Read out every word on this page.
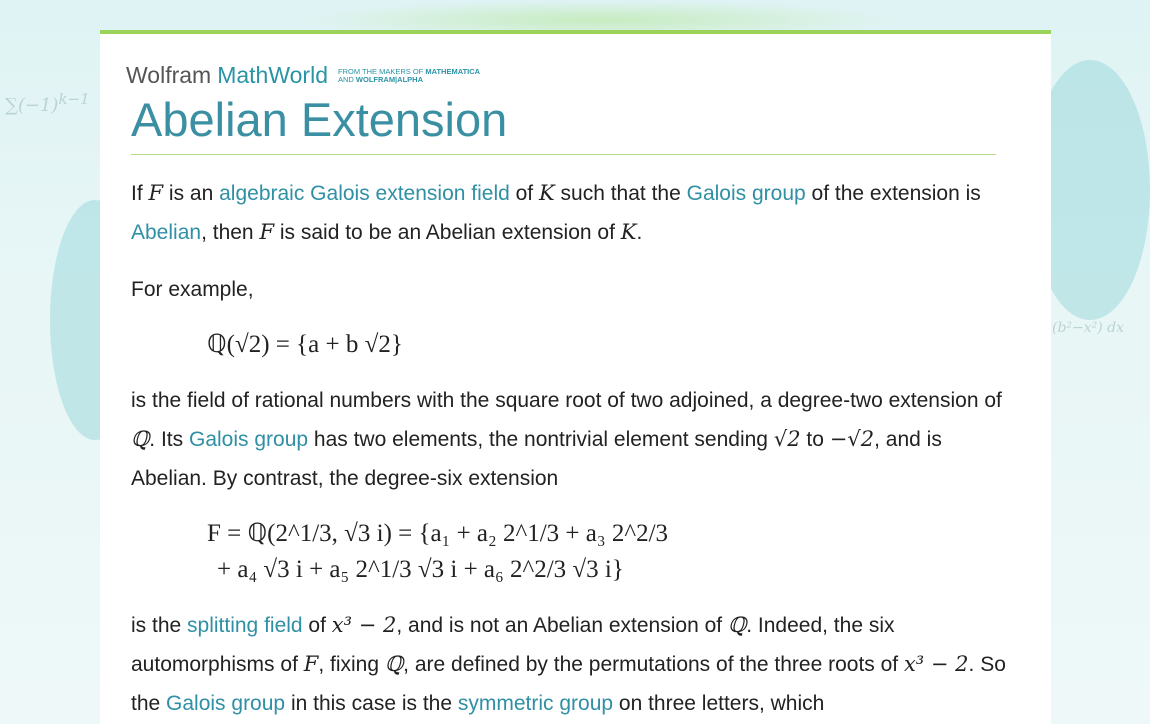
$\sum(-1)^{k-1}$
(b²−x²) dx
Wolfram MathWorld FROM THE MAKERS OF MATHEMATICA
AND WOLFRAM|ALPHA
Abelian Extension

If F is an algebraic Galois extension field of K such that the Galois group of the extension is Abelian, then F is said to be an Abelian extension of K.

For example,

ℚ(√2) = {a + b √2}

is the field of rational numbers with the square root of two adjoined, a degree-two extension of ℚ. Its Galois group has two elements, the nontrivial element sending √2 to −√2, and is Abelian. By contrast, the degree-six extension

F = ℚ(2^1/3, √3 i) = {a₁ + a₂ 2^1/3 + a₃ 2^2/3
+ a₄ √3 i + a₅ 2^1/3 √3 i + a₆ 2^2/3 √3 i}

is the splitting field of x³ − 2, and is not an Abelian extension of ℚ. Indeed, the six automorphisms of F, fixing ℚ, are defined by the permutations of the three roots of x³ − 2. So the Galois group in this case is the symmetric group on three letters, which
